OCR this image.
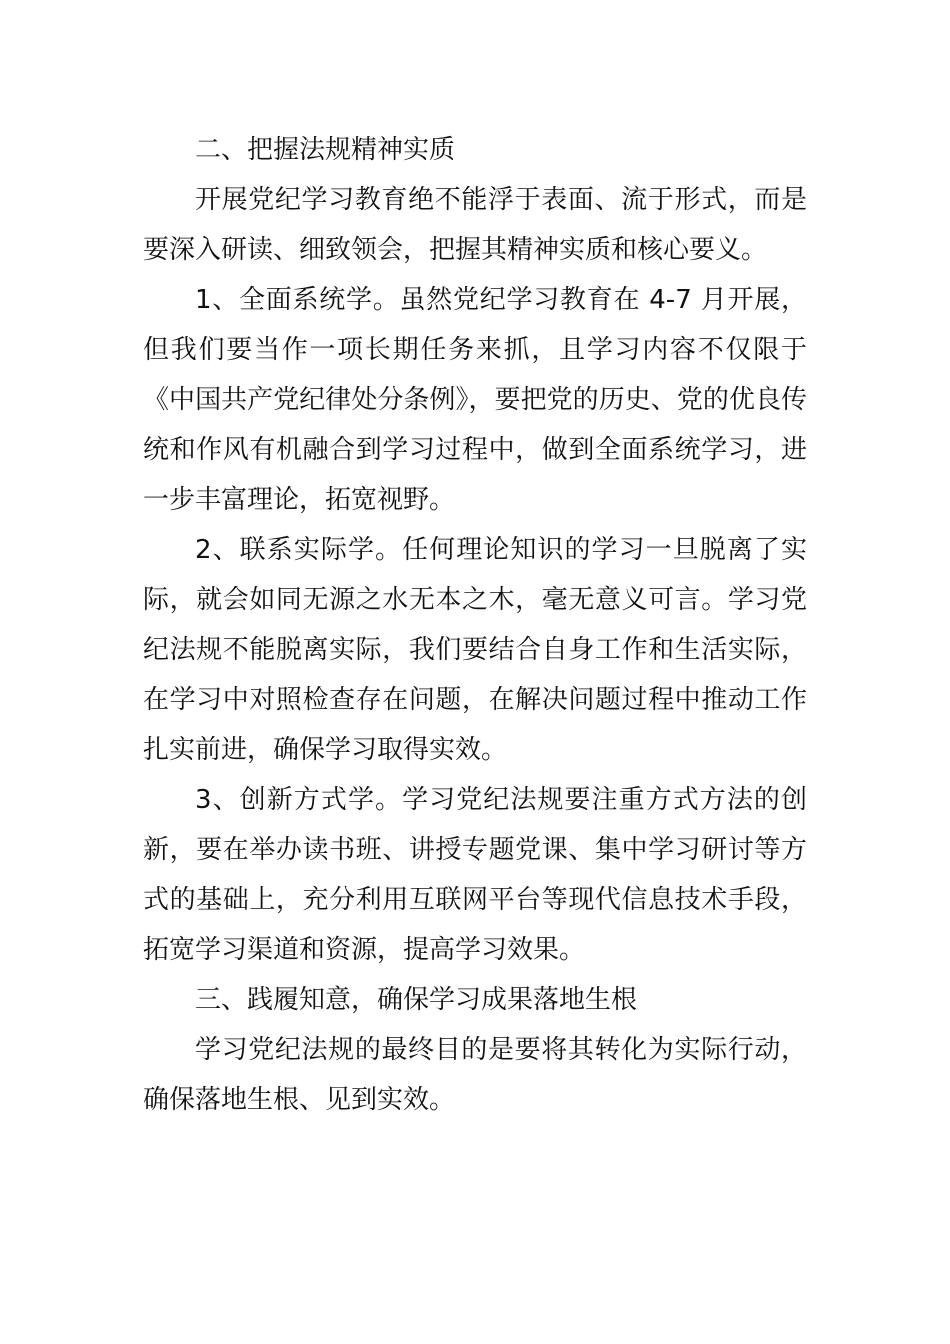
二、把握法规精神实质

开展党纪学习教育绝不能浮于表面、流于形式，而是要深入研读、细致领会，把握其精神实质和核心要义。

1、全面系统学。虽然党纪学习教育在 4-7 月开展，但我们要当作一项长期任务来抓，且学习内容不仅限于《中国共产党纪律处分条例》，要把党的历史、党的优良传统和作风有机融合到学习过程中，做到全面系统学习，进一步丰富理论，拓宽视野。

2、联系实际学。任何理论知识的学习一旦脱离了实际，就会如同无源之水无本之木，毫无意义可言。学习党纪法规不能脱离实际，我们要结合自身工作和生活实际，在学习中对照检查存在问题，在解决问题过程中推动工作扎实前进，确保学习取得实效。

3、创新方式学。学习党纪法规要注重方式方法的创新，要在举办读书班、讲授专题党课、集中学习研讨等方式的基础上，充分利用互联网平台等现代信息技术手段，拓宽学习渠道和资源，提高学习效果。

三、践履知意，确保学习成果落地生根

学习党纪法规的最终目的是要将其转化为实际行动，确保落地生根、见到实效。
